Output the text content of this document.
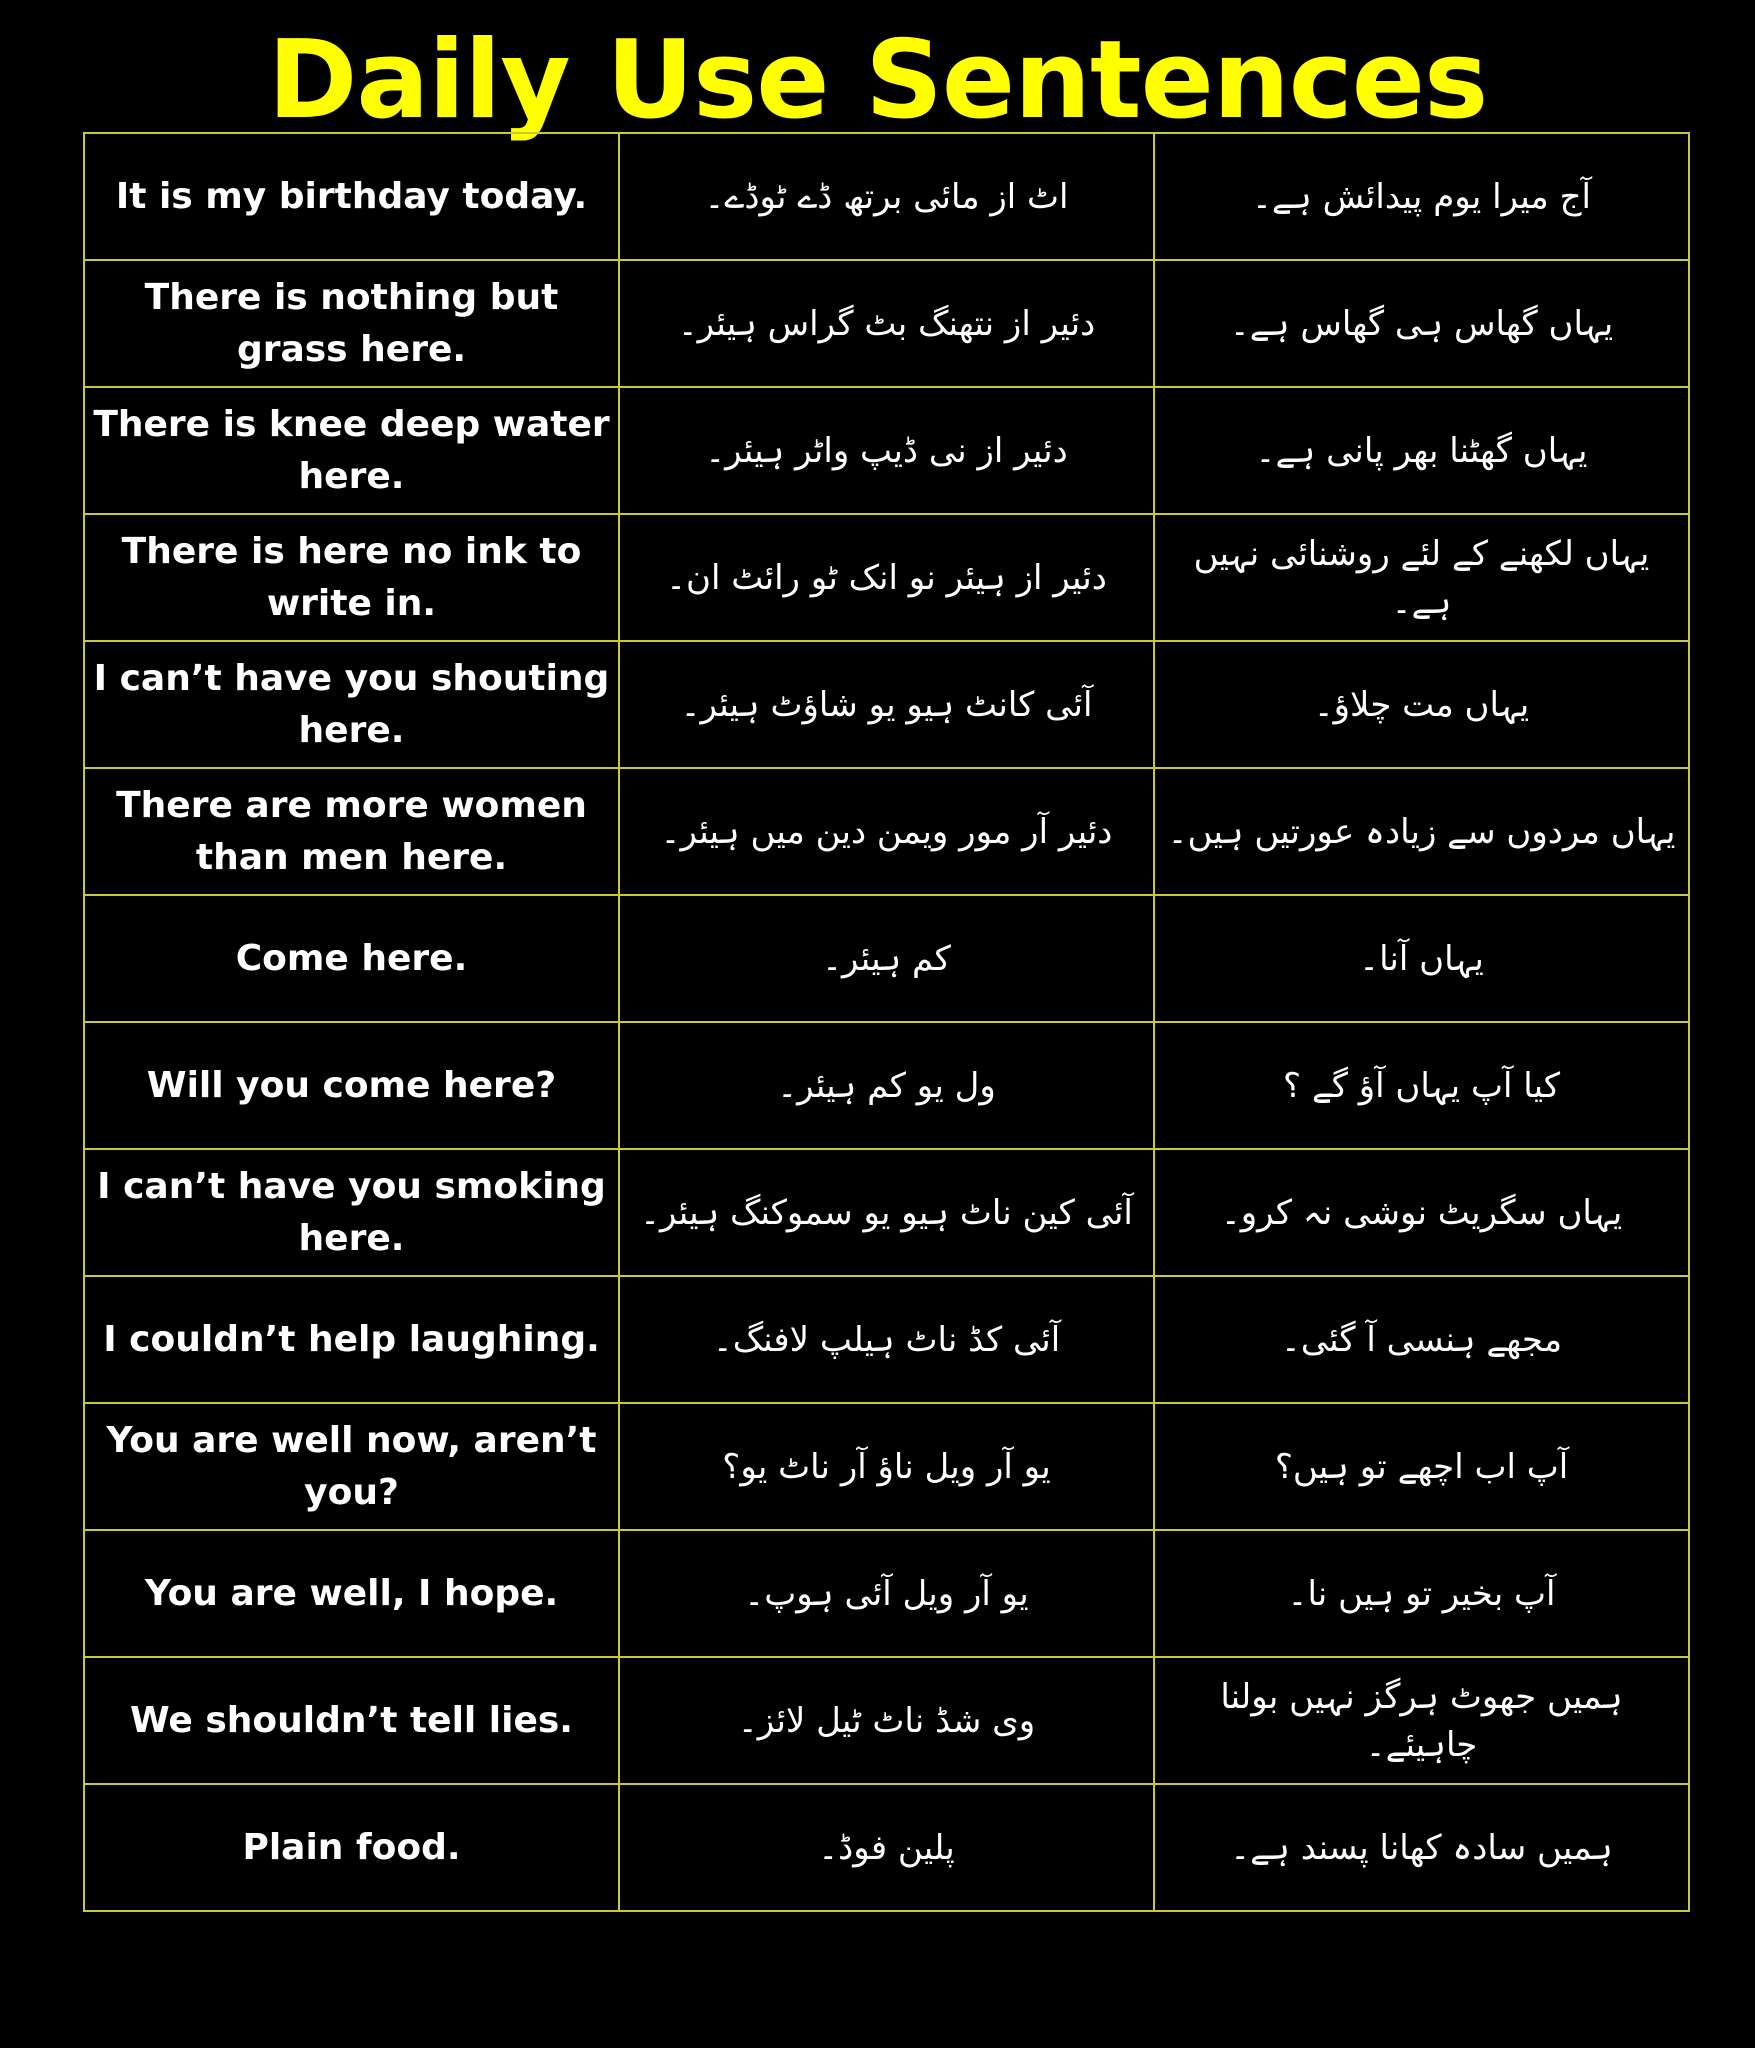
Daily Use Sentences
It is my birthday today.	اٹ از مائی برتھ ڈے ٹوڈے۔	آج میرا یوم پیدائش ہے۔
There is nothing but grass here.	دئیر از نتھنگ بٹ گراس ہیئر۔	یہاں گھاس ہی گھاس ہے۔
There is knee deep water here.	دئیر از نی ڈیپ واٹر ہیئر۔	یہاں گھٹنا بھر پانی ہے۔
There is here no ink to write in.	دئیر از ہیئر نو انک ٹو رائٹ ان۔	یہاں لکھنے کے لئے روشنائی نہیں ہے۔
I can’t have you shouting here.	آئی کانٹ ہیو یو شاؤٹ ہیئر۔	یہاں مت چلاؤ۔
There are more women than men here.	دئیر آر مور ویمن دین میں ہیئر۔	یہاں مردوں سے زیادہ عورتیں ہیں۔
Come here.	کم ہیئر۔	یہاں آنا۔
Will you come here?	ول یو کم ہیئر۔	کیا آپ یہاں آؤ گے ؟
I can’t have you smoking here.	آئی کین ناٹ ہیو یو سموکنگ ہیئر۔	یہاں سگریٹ نوشی نہ کرو۔
I couldn’t help laughing.	آئی کڈ ناٹ ہیلپ لافنگ۔	مجھے ہنسی آ گئی۔
You are well now, aren’t you?	یو آر ویل ناؤ آر ناٹ یو؟	آپ اب اچھے تو ہیں؟
You are well, I hope.	یو آر ویل آئی ہوپ۔	آپ بخیر تو ہیں نا۔
We shouldn’t tell lies.	وی شڈ ناٹ ٹیل لائز۔	ہمیں جھوٹ ہرگز نہیں بولنا چاہیئے۔
Plain food.	پلین فوڈ۔	ہمیں سادہ کھانا پسند ہے۔
